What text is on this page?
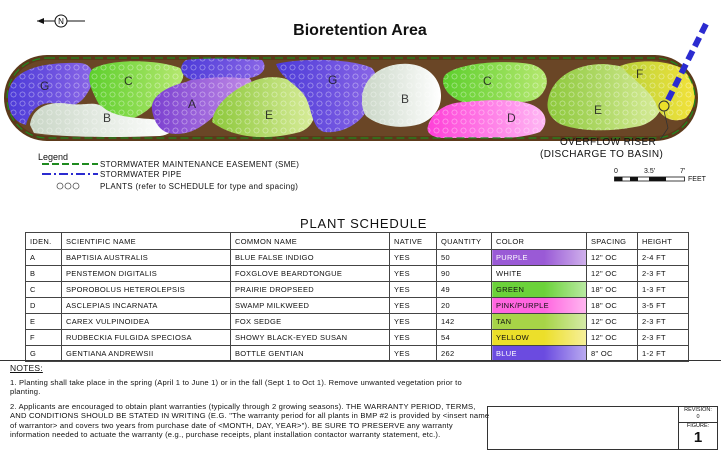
Bioretention Area
N
G
B
C
A
E
G
B
C
D
E
F
OVERFLOW RISER
(DISCHARGE TO BASIN)
0	3.5'	7'
FEET
Legend
STORMWATER MAINTENANCE EASEMENT (SME)
STORMWATER PIPE
PLANTS (refer to SCHEDULE for type and spacing)
PLANT SCHEDULE
IDEN.	SCIENTIFIC NAME	COMMON NAME	NATIVE	QUANTITY	COLOR	SPACING	HEIGHT
A	BAPTISIA AUSTRALIS	BLUE FALSE INDIGO	YES	50	PURPLE	12" OC	2-4 FT
B	PENSTEMON DIGITALIS	FOXGLOVE BEARDTONGUE	YES	90	WHITE	12" OC	2-3 FT
C	SPOROBOLUS HETEROLEPSIS	PRAIRIE DROPSEED	YES	49	GREEN	18" OC	1-3 FT
D	ASCLEPIAS INCARNATA	SWAMP MILKWEED	YES	20	PINK/PURPLE	18" OC	3-5 FT
E	CAREX VULPINOIDEA	FOX SEDGE	YES	142	TAN	12" OC	2-3 FT
F	RUDBECKIA FULGIDA SPECIOSA	SHOWY BLACK-EYED SUSAN	YES	54	YELLOW	12" OC	2-3 FT
G	GENTIANA ANDREWSII	BOTTLE GENTIAN	YES	262	BLUE	8" OC	1-2 FT
NOTES:

1. Planting shall take place in the spring (April 1 to June 1) or in the fall (Sept 1 to Oct 1). Remove unwanted vegetation prior to planting.

2. Applicants are encouraged to obtain plant warranties (typically through 2 growing seasons). THE WARRANTY PERIOD, TERMS, AND CONDITIONS SHOULD BE STATED IN WRITING (E.G. "The warranty period for all plants in BMP #2 is provided by <insert name of warrantor> and covers two years from purchase date of <MONTH, DAY, YEAR>"). BE SURE TO PRESERVE any warranty information needed to actuate the warranty (e.g., purchase receipts, plant installation contactor warranty statement, etc.).

REVISION:
0
FIGURE:
1
